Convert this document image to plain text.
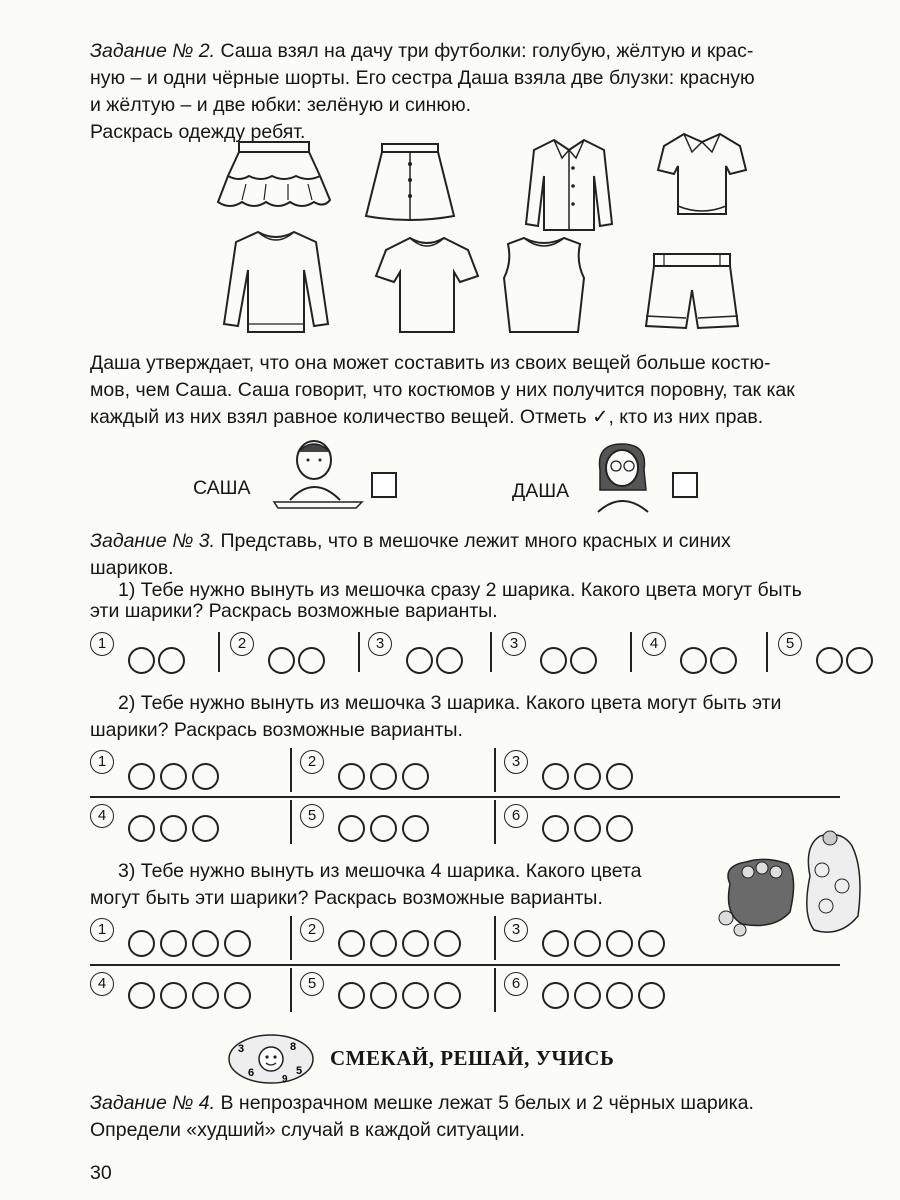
Задание № 2. Саша взял на дачу три футболки: голубую, жёлтую и крас-
ную – и одни чёрные шорты. Его сестра Даша взяла две блузки: красную
и жёлтую – и две юбки: зелёную и синюю.
Раскрась одежду ребят.
Даша утверждает, что она может составить из своих вещей больше костю-
мов, чем Саша. Саша говорит, что костюмов у них получится поровну, так как
каждый из них взял равное количество вещей. Отметь ✓, кто из них прав.
САША	ДАША
Задание № 3. Представь, что в мешочке лежит много красных и синих
шариков.
1) Тебе нужно вынуть из мешочка сразу 2 шарика. Какого цвета могут быть
эти шарики? Раскрась возможные варианты.
1	2	3	3	4	5
2) Тебе нужно вынуть из мешочка 3 шарика. Какого цвета могут быть эти
шарики? Раскрась возможные варианты.
1	2	3
4	5	6
3) Тебе нужно вынуть из мешочка 4 шарика. Какого цвета
могут быть эти шарики? Раскрась возможные варианты.
1	2	3
4	5	6
3
6
8
5
9
СМЕКАЙ, РЕШАЙ, УЧИСЬ
Задание № 4. В непрозрачном мешке лежат 5 белых и 2 чёрных шарика.
Определи «худший» случай в каждой ситуации.
30
